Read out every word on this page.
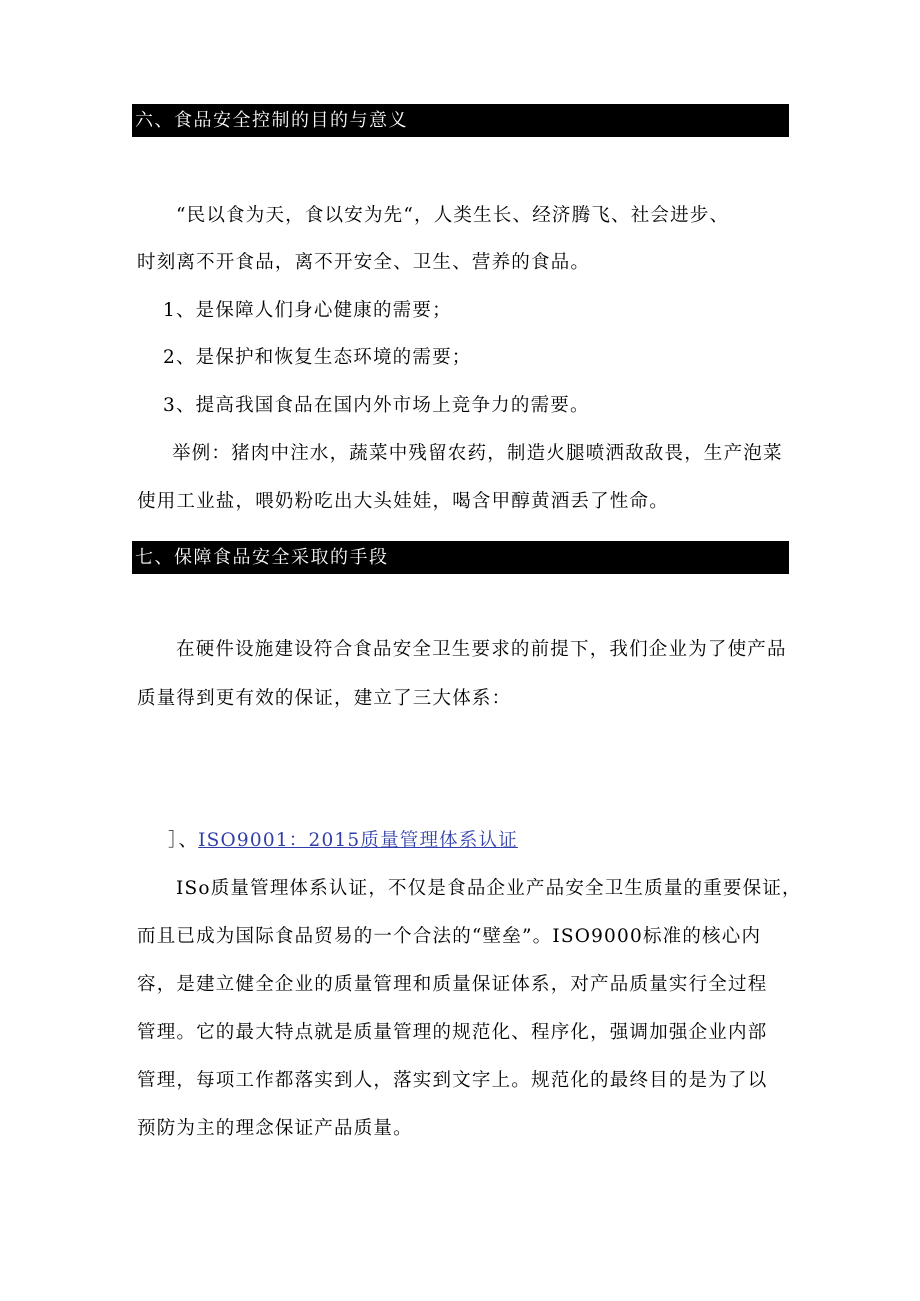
六、食品安全控制的目的与意义
“民以食为天，食以安为先“，人类生长、经济腾飞、社会进步、
时刻离不开食品，离不开安全、卫生、营养的食品。
1、是保障人们身心健康的需要；
2、是保护和恢复生态环境的需要；
3、提高我国食品在国内外市场上竞争力的需要。
举例：猪肉中注水，蔬菜中残留农药，制造火腿喷洒敌敌畏，生产泡菜
使用工业盐，喂奶粉吃出大头娃娃，喝含甲醇黄酒丢了性命。
七、保障食品安全采取的手段
在硬件设施建设符合食品安全卫生要求的前提下，我们企业为了使产品
质量得到更有效的保证，建立了三大体系：
］、ISO9001：2015质量管理体系认证
ISo质量管理体系认证，不仅是食品企业产品安全卫生质量的重要保证，
而且已成为国际食品贸易的一个合法的“壁垒”。ISO9000标准的核心内
容，是建立健全企业的质量管理和质量保证体系，对产品质量实行全过程
管理。它的最大特点就是质量管理的规范化、程序化，强调加强企业内部
管理，每项工作都落实到人，落实到文字上。规范化的最终目的是为了以
预防为主的理念保证产品质量。
